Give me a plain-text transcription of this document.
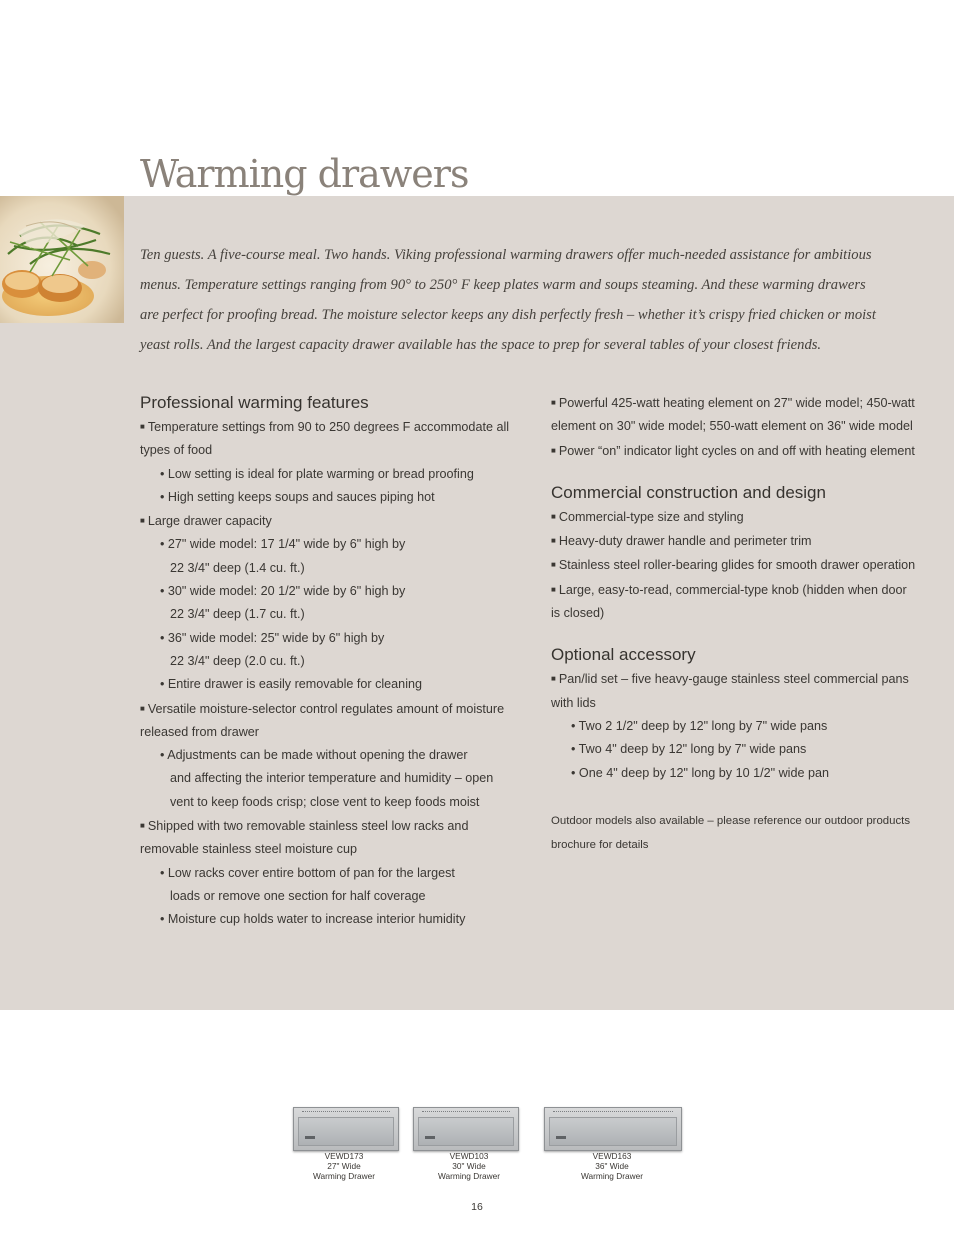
Warming drawers

Ten guests. A five-course meal. Two hands. Viking professional warming drawers offer much-needed assistance for ambitious menus. Temperature settings ranging from 90° to 250° F keep plates warm and soups steaming. And these warming drawers are perfect for proofing bread. The moisture selector keeps any dish perfectly fresh – whether it’s crispy fried chicken or moist yeast rolls. And the largest capacity drawer available has the space to prep for several tables of your closest friends.

Professional warming features

■ Temperature settings from 90 to 250 degrees F accommodate all types of food

• Low setting is ideal for plate warming or bread proofing

• High setting keeps soups and sauces piping hot

■ Large drawer capacity

• 27" wide model: 17 1/4" wide by 6" high by

22 3/4" deep (1.4 cu. ft.)

• 30" wide model: 20 1/2" wide by 6" high by

22 3/4" deep (1.7 cu. ft.)

• 36" wide model: 25" wide by 6" high by

22 3/4" deep (2.0 cu. ft.)

• Entire drawer is easily removable for cleaning

■ Versatile moisture-selector control regulates amount of moisture released from drawer

• Adjustments can be made without opening the drawer

and affecting the interior temperature and humidity – open

vent to keep foods crisp; close vent to keep foods moist

■ Shipped with two removable stainless steel low racks and removable stainless steel moisture cup

• Low racks cover entire bottom of pan for the largest

loads or remove one section for half coverage

• Moisture cup holds water to increase interior humidity

■ Powerful 425-watt heating element on 27" wide model; 450-watt element on 30" wide model; 550-watt element on 36" wide model

■ Power “on” indicator light cycles on and off with heating element

Commercial construction and design

■ Commercial-type size and styling

■ Heavy-duty drawer handle and perimeter trim

■ Stainless steel roller-bearing glides for smooth drawer operation

■ Large, easy-to-read, commercial-type knob (hidden when door is closed)

Optional accessory

■ Pan/lid set – five heavy-gauge stainless steel commercial pans with lids

• Two 2 1/2" deep by 12" long by 7" wide pans

• Two 4" deep by 12" long by 7" wide pans

• One 4" deep by 12" long by 10 1/2" wide pan

Outdoor models also available – please reference our outdoor products brochure for details

VEWD173
27" Wide
Warming Drawer
VEWD103
30" Wide
Warming Drawer
VEWD163
36" Wide
Warming Drawer
16
